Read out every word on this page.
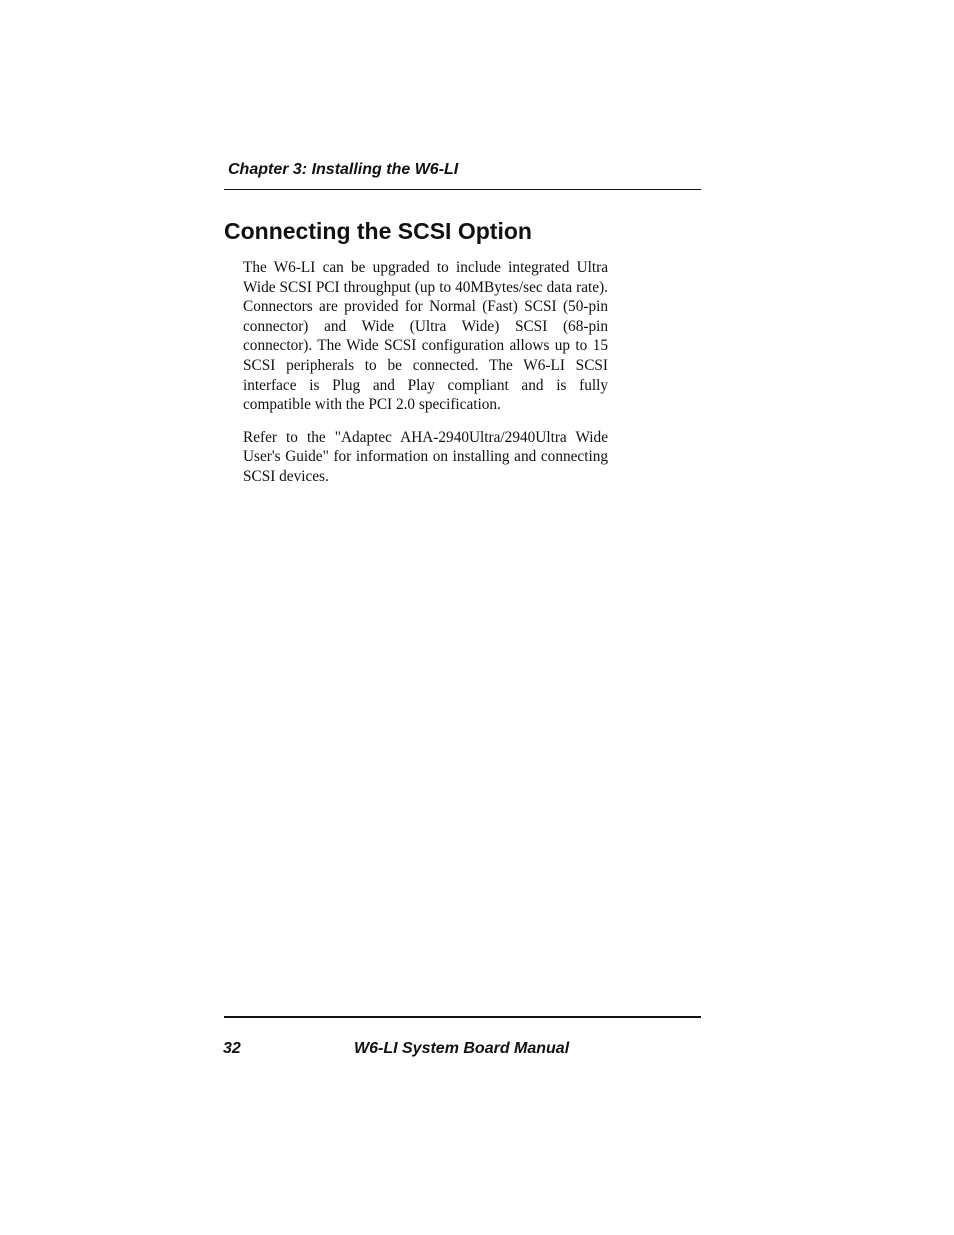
Chapter 3: Installing the W6-LI
Connecting the SCSI Option

The W6-LI can be upgraded to include integrated Ultra Wide SCSI PCI throughput (up to 40MBytes/sec data rate). Connectors are provided for Normal (Fast) SCSI (50-pin connector) and Wide (Ultra Wide) SCSI (68-pin connector). The Wide SCSI configuration allows up to 15 SCSI peripherals to be connected. The W6-LI SCSI interface is Plug and Play compliant and is fully compatible with the PCI 2.0 specification.

Refer to the "Adaptec AHA-2940Ultra/2940Ultra Wide User's Guide" for information on installing and connecting SCSI devices.

32	W6-LI System Board Manual
